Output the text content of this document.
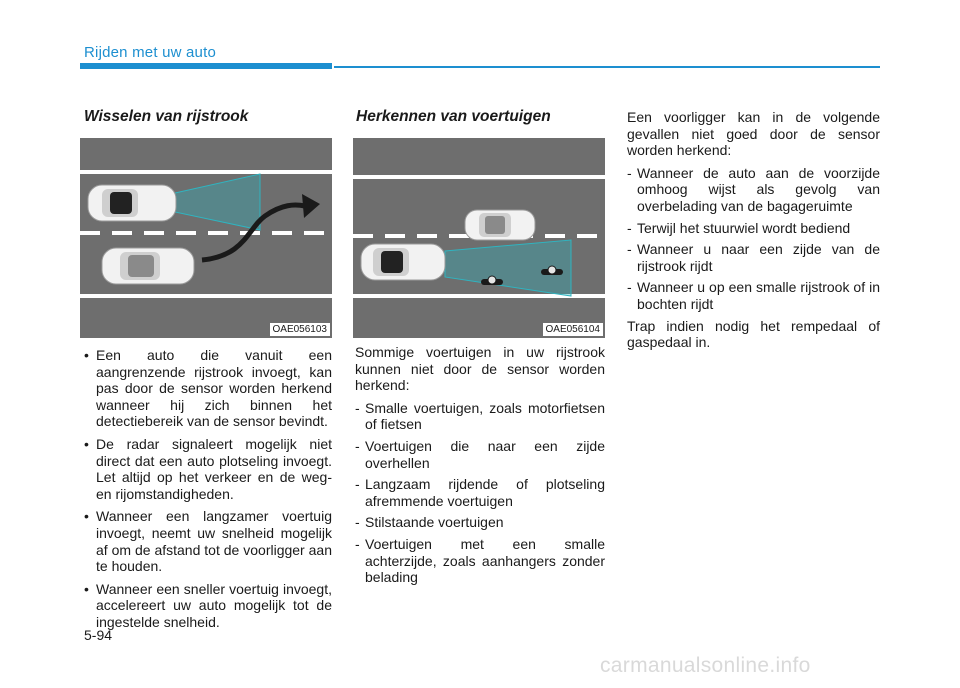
Rijden met uw auto
Wisselen van rijstrook
OAE056103
• Een auto die vanuit een aangrenzende rijstrook invoegt, kan pas door de sensor worden herkend wanneer hij zich binnen het detectiebereik van de sensor bevindt.
• De radar signaleert mogelijk niet direct dat een auto plotseling invoegt. Let altijd op het verkeer en de weg- en rijomstandigheden.
• Wanneer een langzamer voertuig invoegt, neemt uw snelheid mogelijk af om de afstand tot de voorligger aan te houden.
• Wanneer een sneller voertuig invoegt, accelereert uw auto mogelijk tot de ingestelde snelheid.
Herkennen van voertuigen
OAE056104

Sommige voertuigen in uw rijstrook kunnen niet door de sensor worden herkend:

- Smalle voertuigen, zoals motorfietsen of fietsen
- Voertuigen die naar een zijde overhellen
- Langzaam rijdende of plotseling afremmende voertuigen
- Stilstaande voertuigen
- Voertuigen met een smalle achterzijde, zoals aanhangers zonder belading

Een voorligger kan in de volgende gevallen niet goed door de sensor worden herkend:

- Wanneer de auto aan de voorzijde omhoog wijst als gevolg van overbelading van de bagageruimte
- Terwijl het stuurwiel wordt bediend
- Wanneer u naar een zijde van de rijstrook rijdt
- Wanneer u op een smalle rijstrook of in bochten rijdt

Trap indien nodig het rempedaal of gaspedaal in.

5-94
carmanualsonline.info
